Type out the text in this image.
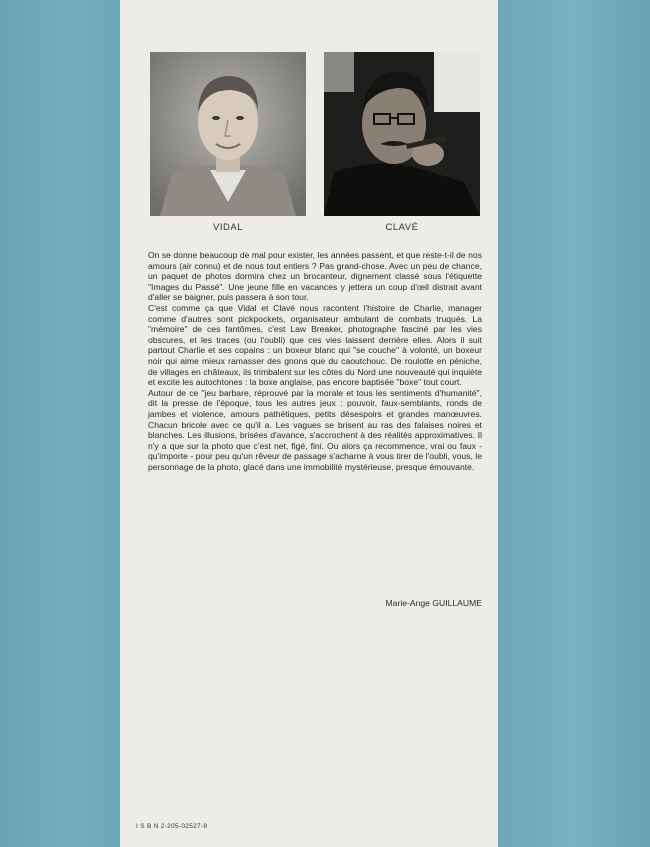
VIDAL	CLAVÉ

On se donne beaucoup de mal pour exister, les années passent, et que reste-t-il de nos amours (air connu) et de nous tout entiers ? Pas grand-chose. Avec un peu de chance, un paquet de photos dormira chez un brocanteur, dignement classé sous l'étiquette "Images du Passé". Une jeune fille en vacances y jettera un coup d'œil distrait avant d'aller se baigner, puis passera à son tour.

C'est comme ça que Vidal et Clavé nous racontent l'histoire de Charlie, manager comme d'autres sont pickpockets, organisateur ambulant de combats truqués. La "mémoire" de ces fantômes, c'est Law Breaker, photographe fasciné par les vies obscures, et les traces (ou l'oubli) que ces vies laissent derrière elles. Alors il suit partout Charlie et ses copains : un boxeur blanc qui "se couche" à volonté, un boxeur noir qui aime mieux ramasser des gnons que du caoutchouc. De roulotte en péniche, de villages en châteaux, ils trimbalent sur les côtes du Nord une nouveauté qui inquiète et excite les autochtones : la boxe anglaise, pas encore baptisée "boxe" tout court.

Autour de ce "jeu barbare, réprouvé par la morale et tous les sentiments d'humanité", dit la presse de l'époque, tous les autres jeux : pouvoir, faux-semblants, ronds de jambes et violence, amours pathétiques, petits désespoirs et grandes manœuvres. Chacun bricole avec ce qu'il a. Les vagues se brisent au ras des falaises noires et blanches. Les illusions, brisées d'avance, s'accrochent à des réalités approximatives. Il n'y a que sur la photo que c'est net, figé, fini. Ou alors ça recommence, vrai ou faux - qu'importe - pour peu qu'un rêveur de passage s'acharne à vous tirer de l'oubli, vous, le personnage de la photo, glacé dans une immobilité mystérieuse, presque émouvante.

Marie-Ange GUILLAUME
I S B N 2-205-02527-9
